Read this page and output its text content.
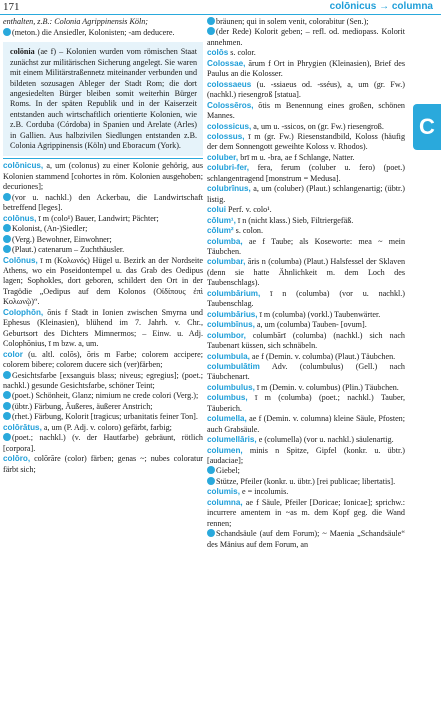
171	colōnicus → columna
C

enthalten, z.B.: Colonia Agrippinensis Köln;

(meton.) die Ansiedler, Kolonisten; -am deducere.

colōnia (ae f) – Kolonien wurden vom römischen Staat zunächst zur militärischen Sicherung angelegt. Sie waren mit einem Militärstraßennetz miteinander verbunden und bildeten sozusagen Ableger der Stadt Rom; die dort angesiedelten Bürger bleiben somit weiterhin Bürger Roms. In der späten Republik und in der Kaiserzeit entstanden auch wirtschaftlich orientierte Kolonien, wie z.B. Corduba (Córdoba) in Spanien und Arelate (Arles) in Gallien. Aus halbzivilen Siedlungen entstanden z.B. Colonia Agrippinensis (Köln) und Eboracum (York).

colōnicus, a, um (colonus) zu einer Kolonie gehörig, aus Kolonien stammend [cohortes in röm. Kolonien ausgehoben; decuriones];

(vor u. nachkl.) den Ackerbau, die Landwirtschaft betreffend [leges].

colōnus, ī m (colo¹) Bauer, Landwirt; Pächter;

Kolonist, (An-)Siedler;

(Verg.) Bewohner, Einwohner;

(Plaut.) catenarum – Zuchthäusler.

Colōnus, ī m (Κολωνός) Hügel u. Bezirk an der Nordseite Athens, wo ein Poseidontempel u. das Grab des Oedipus lagen; Sophokles, dort geboren, schildert den Ort in der Tragödie „Oedipus auf dem Kolonos (Οἰδίπους ἐπὶ Κολωνῷ)“.

Colophōn, ōnis f Stadt in Ionien zwischen Smyrna und Ephesus (Kleinasien), blühend im 7. Jahrh. v. Chr., Geburtsort des Dichters Mimnermos; – Einw. u. Adj. Colophōnius, ī m bzw. a, um.

color (u. altl. colōs), ōris m Farbe; colorem accipere; colorem bibere; colorem ducere sich (ver)färben;

Gesichtsfarbe [exsanguis blass; niveus; egregius]; (poet.; nachkl.) gesunde Gesichtsfarbe, schöner Teint;

(poet.) Schönheit, Glanz; nimium ne crede colori (Verg.);

(übtr.) Färbung, Äußeres, äußerer Anstrich;

(rhet.) Färbung, Kolorit [tragicus; urbanitatis feiner Ton].

colōrātus, a, um (P. Adj. v. coloro) gefärbt, farbig;

(poet.; nachkl.) (v. der Hautfarbe) gebräunt, rötlich [corpora].

colōro, colōrāre (color) färben; genas ~; nubes coloratur färbt sich;

bräunen; qui in solem venit, colorabitur (Sen.);

(der Rede) Kolorit geben; – refl. od. mediopass. Kolorit annehmen.

colōs s. color.

Colossae, ārum f Ort in Phrygien (Kleinasien), Brief des Paulus an die Kolosser.

colossaeus (u. -ssiaeus od. -sséus), a, um (gr. Fw.) (nachkl.) riesengroß [statua].

Colossēros, ōtis m Benennung eines großen, schönen Mannes.

colossicus, a, um u. -ssicos, on (gr. Fw.) riesengroß.

colossus, ī m (gr. Fw.) Riesenstandbild, Koloss (häufig der dem Sonnengott geweihte Koloss v. Rhodos).

coluber, brī m u. -bra, ae f Schlange, Natter.

colubri-fer, fera, ferum (coluber u. fero) (poet.) schlangentragend [monstrum = Medusa].

colubrīnus, a, um (coluber) (Plaut.) schlangenartig; (übtr.) listig.

colui Perf. v. colo¹.

cōlum¹, ī n (nicht klass.) Sieb, Filtriergefäß.

cōlum² s. colon.

columba, ae f Taube; als Koseworte: mea ~ mein Täubchen.

columbar, āris n (columba) (Plaut.) Halsfessel der Sklaven (denn sie hatte Ähnlichkeit m. dem Loch des Taubenschlags).

columbārium, ī n (columba) (vor u. nachkl.) Taubenschlag.

columbārius, ī m (columba) (vorkl.) Taubenwärter.

columbīnus, a, um (columba) Tauben- [ovum].

columbor, columbārī (columba) (nachkl.) sich nach Taubenart küssen, sich schnäbeln.

columbula, ae f (Demin. v. columba) (Plaut.) Täubchen.

columbulātim Adv. (columbulus) (Gell.) nach Täubchenart.

columbulus, ī m (Demin. v. columbus) (Plin.) Täubchen.

columbus, ī m (columba) (poet.; nachkl.) Tauber, Täuberich.

columella, ae f (Demin. v. columna) kleine Säule, Pfosten; auch Grabsäule.

columellāris, e (columella) (vor u. nachkl.) säulenartig.

columen, minis n Spitze, Gipfel (konkr. u. übtr.) [audaciae];

Giebel;

Stütze, Pfeiler (konkr. u. übtr.) [rei publicae; libertatis].

columis, e = incolumis.

columna, ae f Säule, Pfeiler [Doricae; Ionicae]; sprichw.: incurrere amentem in ~as m. dem Kopf geg. die Wand rennen;

Schandsäule (auf dem Forum); ~ Maenia „Schandsäule“ des Mänius auf dem Forum, an
